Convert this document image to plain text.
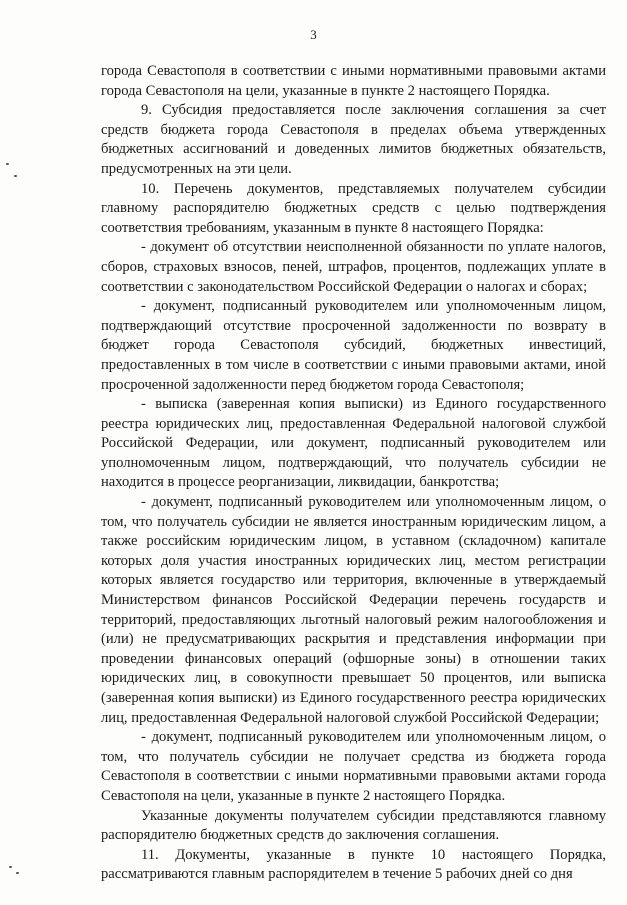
3

города Севастополя в соответствии с иными нормативными правовыми актами города Севастополя на цели, указанные в пункте 2 настоящего Порядка.

9. Субсидия предоставляется после заключения соглашения за счет средств бюджета города Севастополя в пределах объема утвержденных бюджетных ассигнований и доведенных лимитов бюджетных обязательств, предусмотренных на эти цели.

10. Перечень документов, представляемых получателем субсидии главному распорядителю бюджетных средств с целью подтверждения соответствия требованиям, указанным в пункте 8 настоящего Порядка:

- документ об отсутствии неисполненной обязанности по уплате налогов, сборов, страховых взносов, пеней, штрафов, процентов, подлежащих уплате в соответствии с законодательством Российской Федерации о налогах и сборах;

- документ, подписанный руководителем или уполномоченным лицом, подтверждающий отсутствие просроченной задолженности по возврату в бюджет города Севастополя субсидий, бюджетных инвестиций, предоставленных в том числе в соответствии с иными правовыми актами, иной просроченной задолженности перед бюджетом города Севастополя;

- выписка (заверенная копия выписки) из Единого государственного реестра юридических лиц, предоставленная Федеральной налоговой службой Российской Федерации, или документ, подписанный руководителем или уполномоченным лицом, подтверждающий, что получатель субсидии не находится в процессе реорганизации, ликвидации, банкротства;

- документ, подписанный руководителем или уполномоченным лицом, о том, что получатель субсидии не является иностранным юридическим лицом, а также российским юридическим лицом, в уставном (складочном) капитале которых доля участия иностранных юридических лиц, местом регистрации которых является государство или территория, включенные в утверждаемый Министерством финансов Российской Федерации перечень государств и территорий, предоставляющих льготный налоговый режим налогообложения и (или) не предусматривающих раскрытия и представления информации при проведении финансовых операций (офшорные зоны) в отношении таких юридических лиц, в совокупности превышает 50 процентов, или выписка (заверенная копия выписки) из Единого государственного реестра юридических лиц, предоставленная Федеральной налоговой службой Российской Федерации;

- документ, подписанный руководителем или уполномоченным лицом, о том, что получатель субсидии не получает средства из бюджета города Севастополя в соответствии с иными нормативными правовыми актами города Севастополя на цели, указанные в пункте 2 настоящего Порядка.

Указанные документы получателем субсидии представляются главному распорядителю бюджетных средств до заключения соглашения.

11. Документы, указанные в пункте 10 настоящего Порядка, рассматриваются главным распорядителем в течение 5 рабочих дней со дня
